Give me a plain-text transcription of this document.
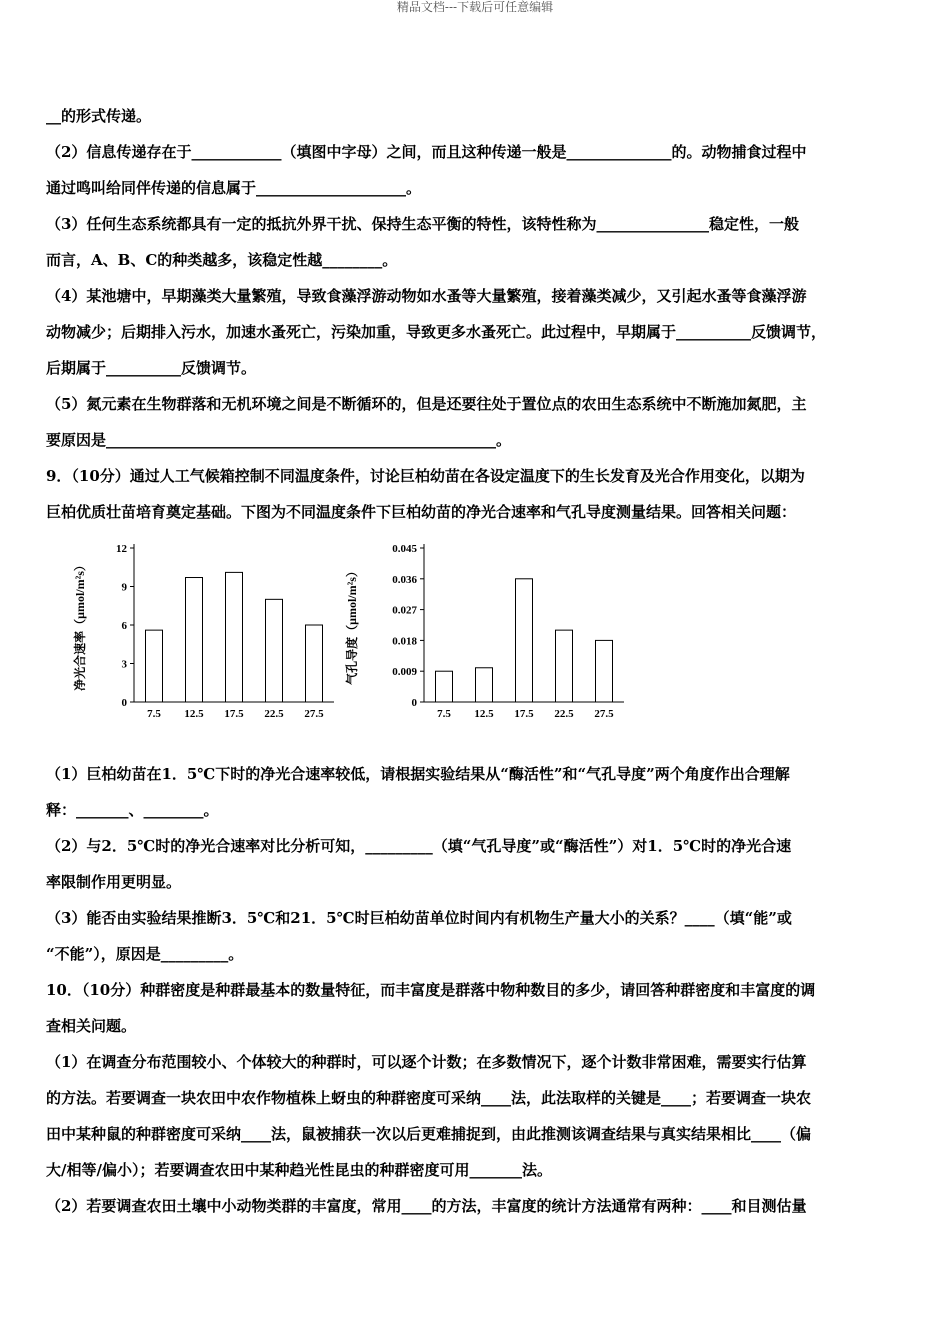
精品文档---下载后可任意编辑
__的形式传递。
（2）信息传递存在于____________（填图中字母）之间，而且这种传递一般是______________的。动物捕食过程中
通过鸣叫给同伴传递的信息属于____________________。
（3）任何生态系统都具有一定的抵抗外界干扰、保持生态平衡的特性，该特性称为_______________稳定性，一般
而言，A、B、C的种类越多，该稳定性越________。
（4）某池塘中，早期藻类大量繁殖，导致食藻浮游动物如水蚤等大量繁殖，接着藻类减少，又引起水蚤等食藻浮游
动物减少；后期排入污水，加速水蚤死亡，污染加重，导致更多水蚤死亡。此过程中，早期属于__________反馈调节，
后期属于__________反馈调节。
（5）氮元素在生物群落和无机环境之间是不断循环的，但是还要往处于置位点的农田生态系统中不断施加氮肥，主
要原因是____________________________________________________。
9．（10分）通过人工气候箱控制不同温度条件，讨论巨柏幼苗在各设定温度下的生长发育及光合作用变化，以期为
巨柏优质壮苗培育奠定基础。下图为不同温度条件下巨柏幼苗的净光合速率和气孔导度测量结果。回答相关问题：
0
3
6
9
12
7.5 12.5 17.5 22.5 27.5
净光合速率（μmol/m²s）
0
0.009
0.018
0.027
0.036
0.045
7.5 12.5 17.5 22.5 27.5
气孔导度（μmol/m²s）
（1）巨柏幼苗在1．5℃下时的净光合速率较低，请根据实验结果从“酶活性”和“气孔导度”两个角度作出合理解
释：_______、________。
（2）与2．5℃时的净光合速率对比分析可知，_________（填“气孔导度”或“酶活性”）对1．5℃时的净光合速
率限制作用更明显。
（3）能否由实验结果推断3．5℃和21．5℃时巨柏幼苗单位时间内有机物生产量大小的关系？____（填“能”或
“不能”），原因是_________。
10．（10分）种群密度是种群最基本的数量特征，而丰富度是群落中物种数目的多少，请回答种群密度和丰富度的调
查相关问题。
（1）在调查分布范围较小、个体较大的种群时，可以逐个计数；在多数情况下，逐个计数非常困难，需要实行估算
的方法。若要调查一块农田中农作物植株上蚜虫的种群密度可采纳____法，此法取样的关键是____；若要调查一块农
田中某种鼠的种群密度可采纳____法，鼠被捕获一次以后更难捕捉到，由此推测该调查结果与真实结果相比____（偏
大/相等/偏小）；若要调查农田中某种趋光性昆虫的种群密度可用_______法。
（2）若要调查农田土壤中小动物类群的丰富度，常用____的方法，丰富度的统计方法通常有两种：____和目测估量
